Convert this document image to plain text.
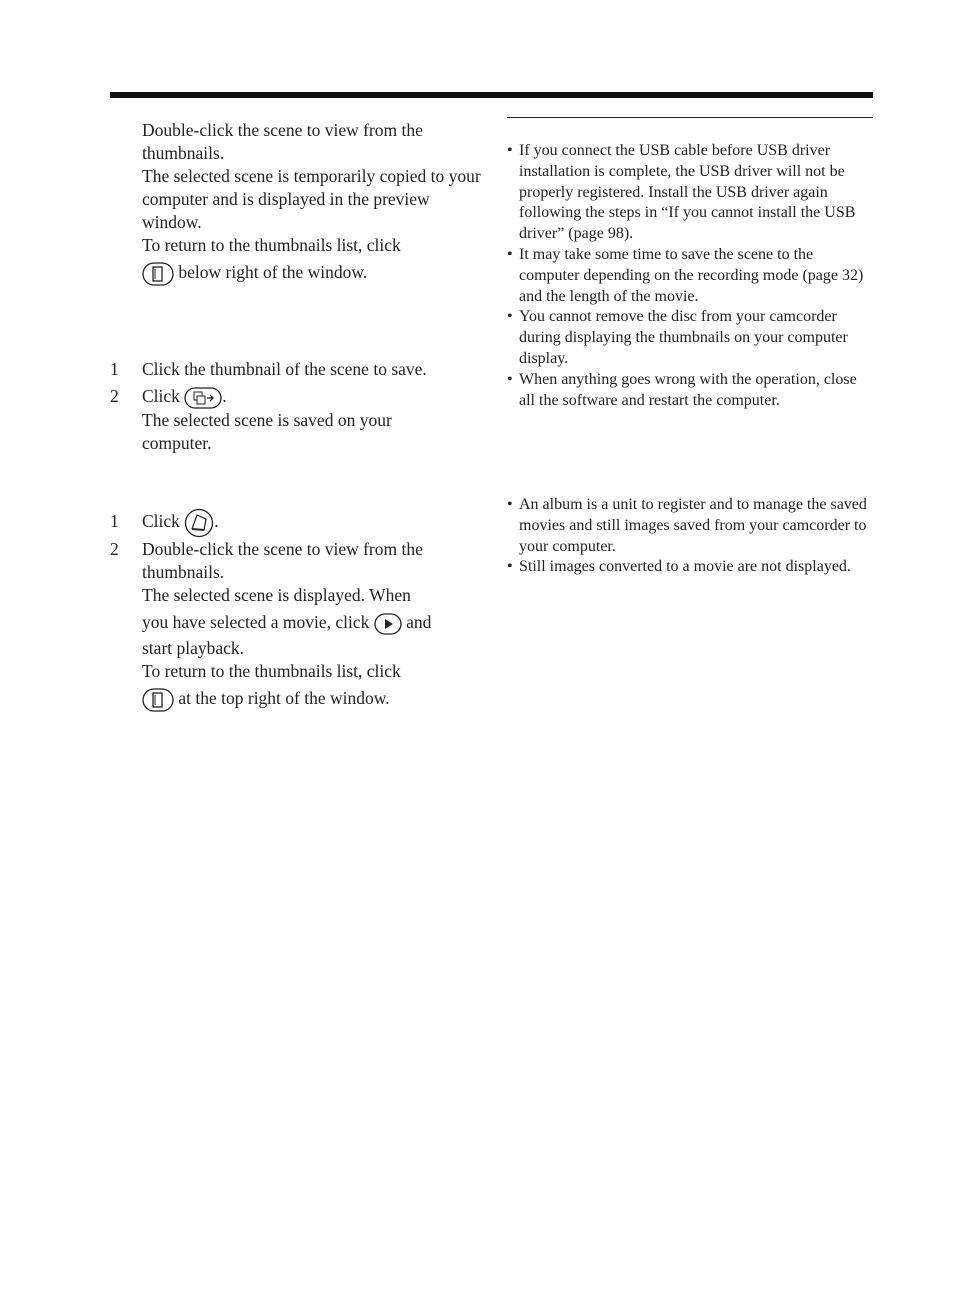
Double-click the scene to view from the thumbnails.

The selected scene is temporarily copied to your computer and is displayed in the preview window.

To return to the thumbnails list, click

below right of the window.

1 Click the thumbnail of the scene to save.

2 Click .

The selected scene is saved on your computer.

1 Click .

2 Double-click the scene to view from the thumbnails.

The selected scene is displayed. When

you have selected a movie, click and

start playback.

To return to the thumbnails list, click

at the top right of the window.

• If you connect the USB cable before USB driver installation is complete, the USB driver will not be properly registered. Install the USB driver again following the steps in “If you cannot install the USB driver” (page 98).

• It may take some time to save the scene to the computer depending on the recording mode (page 32) and the length of the movie.

• You cannot remove the disc from your camcorder during displaying the thumbnails on your computer display.

• When anything goes wrong with the operation, close all the software and restart the computer.

• An album is a unit to register and to manage the saved movies and still images saved from your camcorder to your computer.

• Still images converted to a movie are not displayed.
